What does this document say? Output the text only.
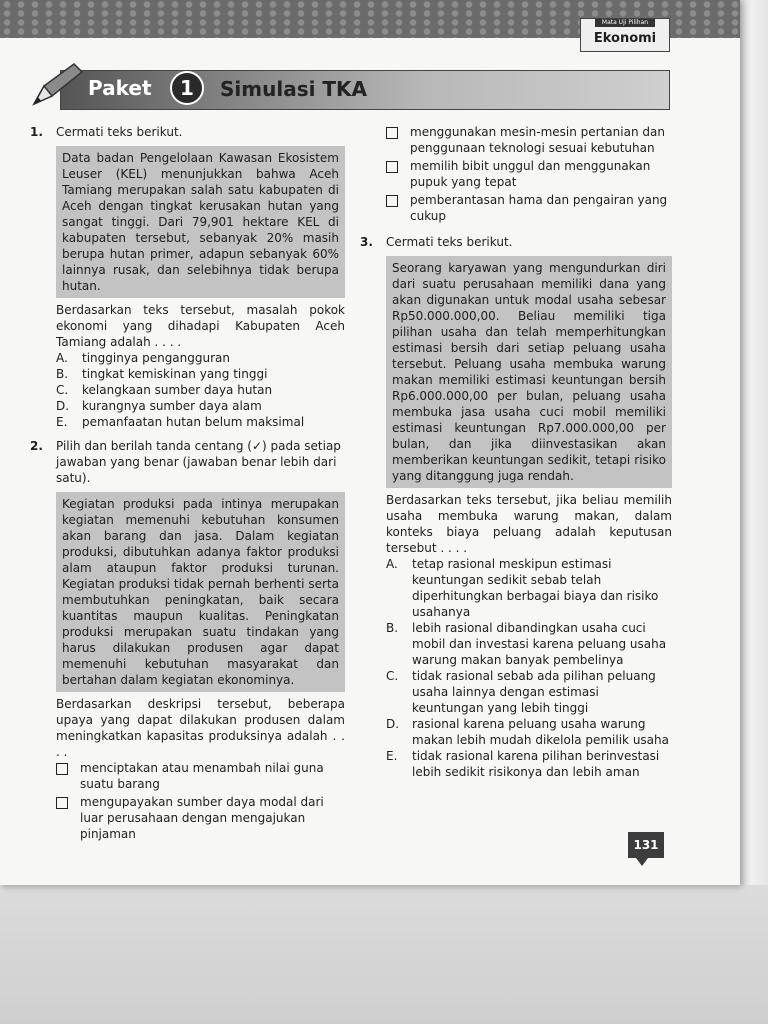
Mata Uji Pilihan
Ekonomi
Paket	1	Simulasi TKA
1.	Cermati teks berikut.
Data badan Pengelolaan Kawasan Ekosistem Leuser (KEL) menunjukkan bahwa Aceh Tamiang merupakan salah satu kabupaten di Aceh dengan tingkat kerusakan hutan yang sangat tinggi. Dari 79,901 hektare KEL di kabupaten tersebut, sebanyak 20% masih berupa hutan primer, adapun sebanyak 60% lainnya rusak, dan selebihnya tidak berupa hutan.
Berdasarkan teks tersebut, masalah pokok ekonomi yang dihadapi Kabupaten Aceh Tamiang adalah . . . .
A.	tingginya pengangguran
B.	tingkat kemiskinan yang tinggi
C.	kelangkaan sumber daya hutan
D.	kurangnya sumber daya alam
E.	pemanfaatan hutan belum maksimal
2.	Pilih dan berilah tanda centang (✓) pada setiap jawaban yang benar (jawaban benar lebih dari satu).
Kegiatan produksi pada intinya merupakan kegiatan memenuhi kebutuhan konsumen akan barang dan jasa. Dalam kegiatan produksi, dibutuhkan adanya faktor produksi alam ataupun faktor produksi turunan. Kegiatan produksi tidak pernah berhenti serta membutuhkan peningkatan, baik secara kuantitas maupun kualitas. Peningkatan produksi merupakan suatu tindakan yang harus dilakukan produsen agar dapat memenuhi kebutuhan masyarakat dan bertahan dalam kegiatan ekonominya.
Berdasarkan deskripsi tersebut, beberapa upaya yang dapat dilakukan produsen dalam meningkatkan kapasitas produksinya adalah . . . .
menciptakan atau menambah nilai guna suatu barang
mengupayakan sumber daya modal dari luar perusahaan dengan mengajukan pinjaman
menggunakan mesin-mesin pertanian dan penggunaan teknologi sesuai kebutuhan
memilih bibit unggul dan menggunakan pupuk yang tepat
pemberantasan hama dan pengairan yang cukup
3.	Cermati teks berikut.
Seorang karyawan yang mengundurkan diri dari suatu perusahaan memiliki dana yang akan digunakan untuk modal usaha sebesar Rp50.000.000,00. Beliau memiliki tiga pilihan usaha dan telah memperhitungkan estimasi bersih dari setiap peluang usaha tersebut. Peluang usaha membuka warung makan memiliki estimasi keuntungan bersih Rp6.000.000,00 per bulan, peluang usaha membuka jasa usaha cuci mobil memiliki estimasi keuntungan Rp7.000.000,00 per bulan, dan jika diinvestasikan akan memberikan keuntungan sedikit, tetapi risiko yang ditanggung juga rendah.
Berdasarkan teks tersebut, jika beliau memilih usaha membuka warung makan, dalam konteks biaya peluang adalah keputusan tersebut . . . .
A.	tetap rasional meskipun estimasi keuntungan sedikit sebab telah diperhitungkan berbagai biaya dan risiko usahanya
B.	lebih rasional dibandingkan usaha cuci mobil dan investasi karena peluang usaha warung makan banyak pembelinya
C.	tidak rasional sebab ada pilihan peluang usaha lainnya dengan estimasi keuntungan yang lebih tinggi
D.	rasional karena peluang usaha warung makan lebih mudah dikelola pemilik usaha
E.	tidak rasional karena pilihan berinvestasi lebih sedikit risikonya dan lebih aman
131
